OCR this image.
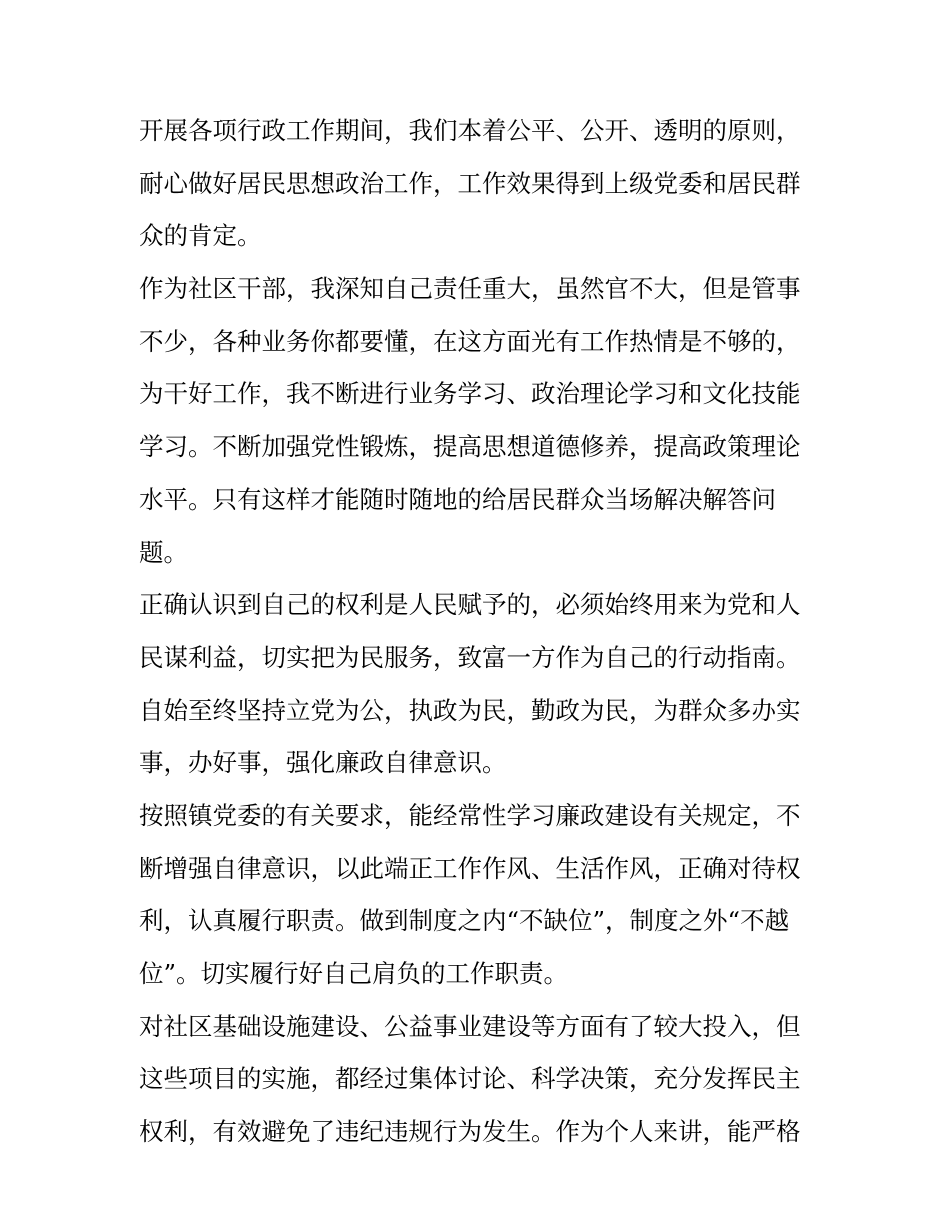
开展各项行政工作期间，我们本着公平、公开、透明的原则，
耐心做好居民思想政治工作，工作效果得到上级党委和居民群
众的肯定。
作为社区干部，我深知自己责任重大，虽然官不大，但是管事
不少，各种业务你都要懂，在这方面光有工作热情是不够的，
为干好工作，我不断进行业务学习、政治理论学习和文化技能
学习。不断加强党性锻炼，提高思想道德修养，提高政策理论
水平。只有这样才能随时随地的给居民群众当场解决解答问
题。
正确认识到自己的权利是人民赋予的，必须始终用来为党和人
民谋利益，切实把为民服务，致富一方作为自己的行动指南。
自始至终坚持立党为公，执政为民，勤政为民，为群众多办实
事，办好事，强化廉政自律意识。
按照镇党委的有关要求，能经常性学习廉政建设有关规定，不
断增强自律意识，以此端正工作作风、生活作风，正确对待权
利，认真履行职责。做到制度之内“不缺位”，制度之外“不越
位”。切实履行好自己肩负的工作职责。
对社区基础设施建设、公益事业建设等方面有了较大投入，但
这些项目的实施，都经过集体讨论、科学决策，充分发挥民主
权利，有效避免了违纪违规行为发生。作为个人来讲，能严格
